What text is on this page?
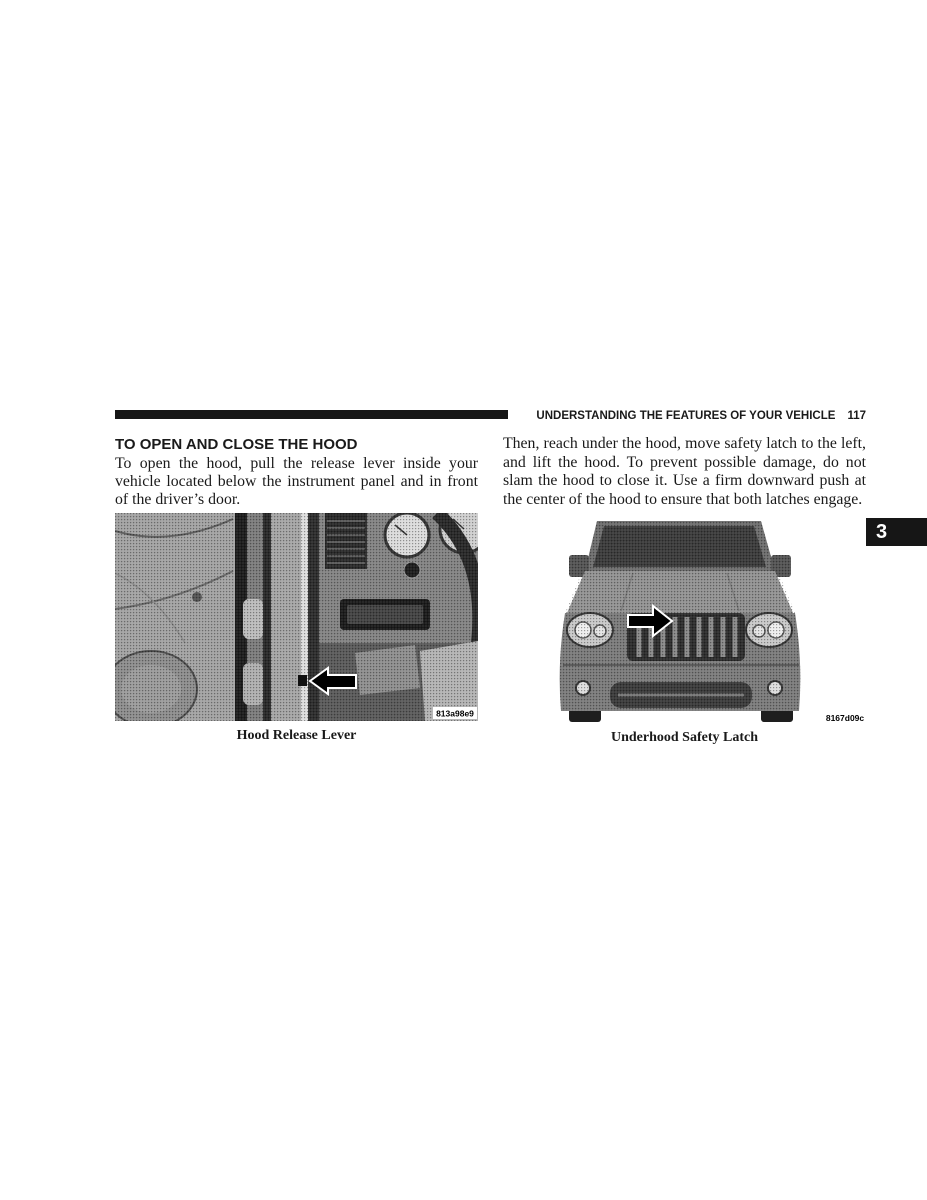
UNDERSTANDING THE FEATURES OF YOUR VEHICLE 117
3
TO OPEN AND CLOSE THE HOOD
To open the hood, pull the release lever inside your
vehicle located below the instrument panel and in front
of the driver’s door.
813a98e9
Hood Release Lever
Then, reach under the hood, move safety latch to the left,
and lift the hood. To prevent possible damage, do not
slam the hood to close it. Use a firm downward push at
the center of the hood to ensure that both latches engage.
8167d09c
Underhood Safety Latch
